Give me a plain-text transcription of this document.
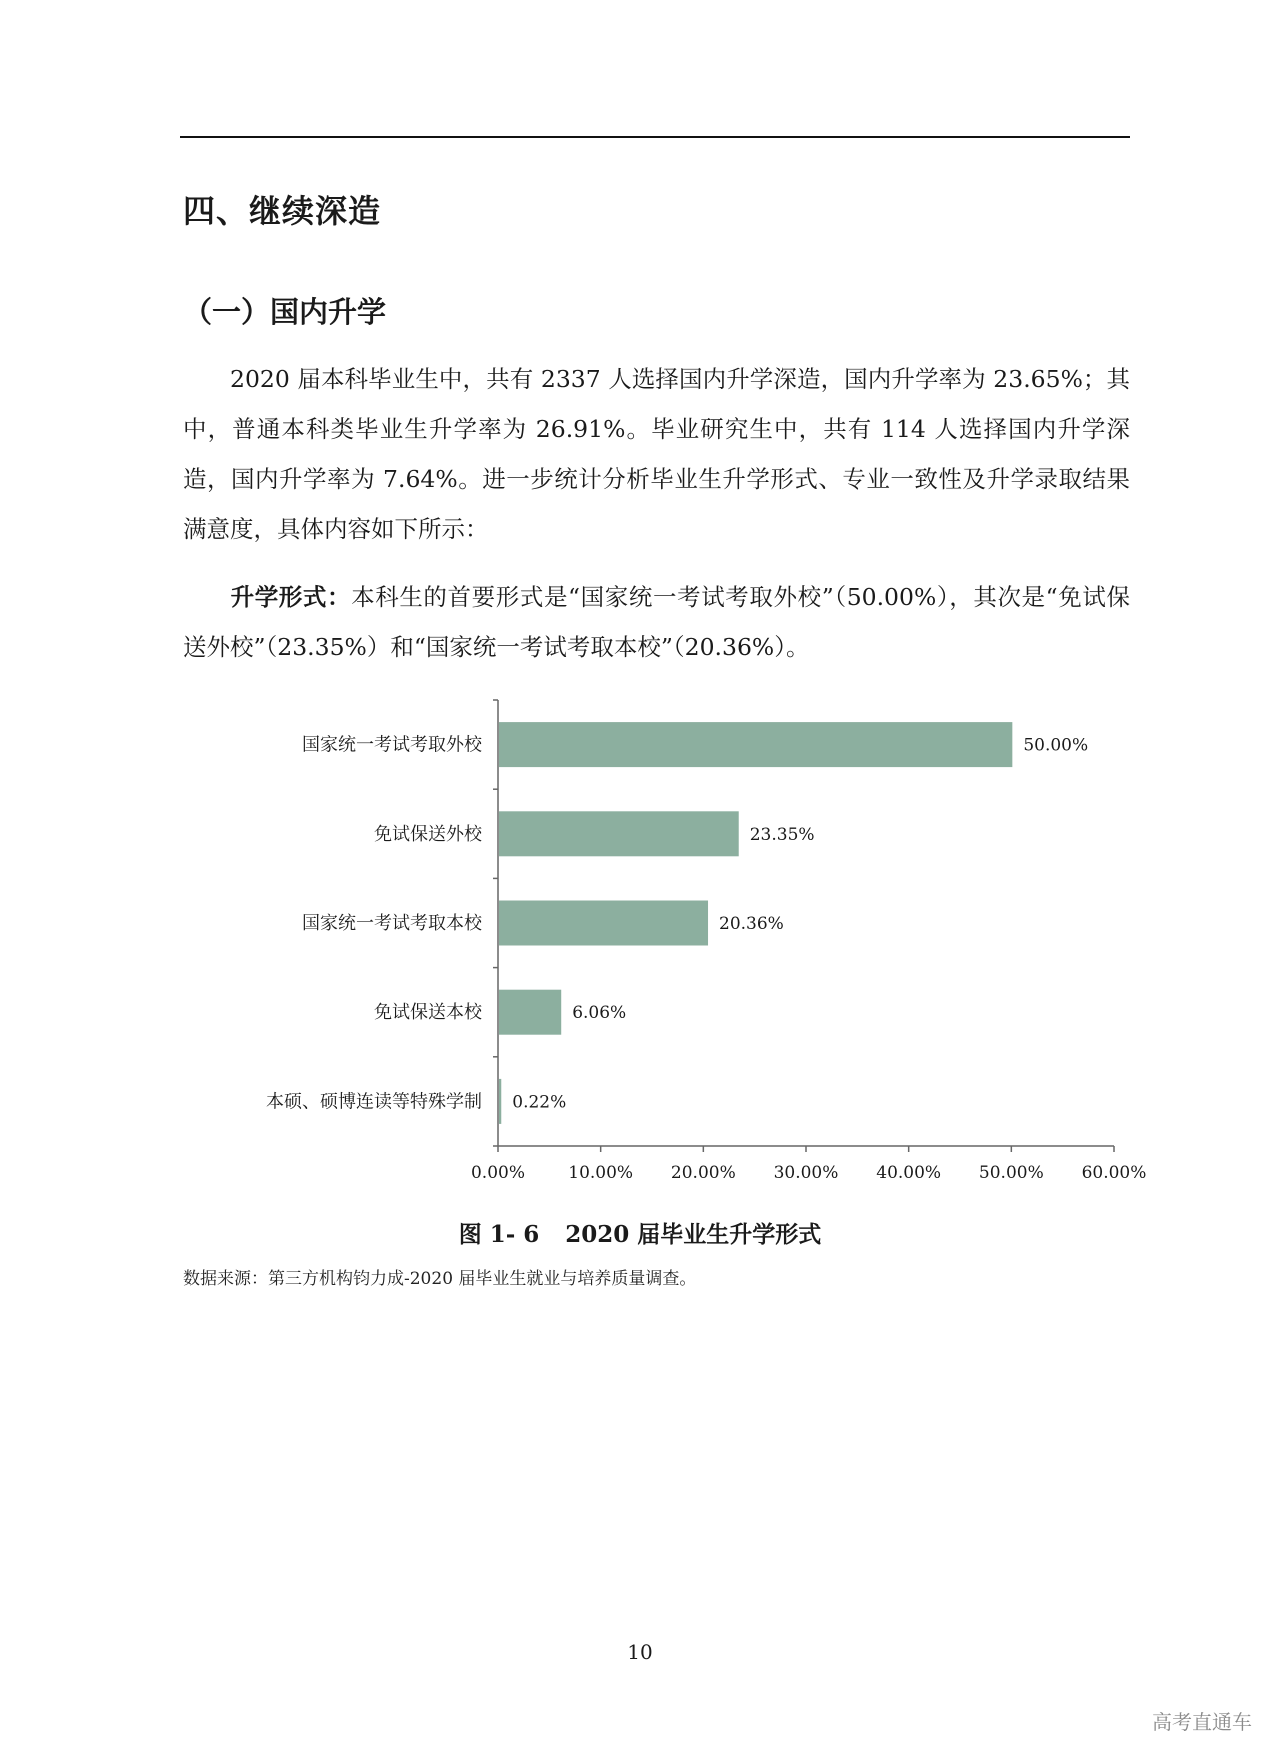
四、继续深造
（一）国内升学

2020 届本科毕业生中，共有 2337 人选择国内升学深造，国内升学率为 23.65%；其中，普通本科类毕业生升学率为 26.91%。毕业研究生中，共有 114 人选择国内升学深造，国内升学率为 7.64%。进一步统计分析毕业生升学形式、专业一致性及升学录取结果满意度，具体内容如下所示：

升学形式：本科生的首要形式是“国家统一考试考取外校”（50.00%），其次是“免试保送外校”（23.35%）和“国家统一考试考取本校”（20.36%）。

0.00%	10.00% 20.00% 30.00% 40.00% 50.00% 60.00%
国家统一考试考取外校	50.00%
免试保送外校	23.35%
国家统一考试考取本校	20.36%
免试保送本校	6.06%
本硕、硕博连读等特殊学制 0.22%

图 1- 6 2020 届毕业生升学形式

数据来源：第三方机构钧力成-2020 届毕业生就业与培养质量调查。

10

高考直通车
